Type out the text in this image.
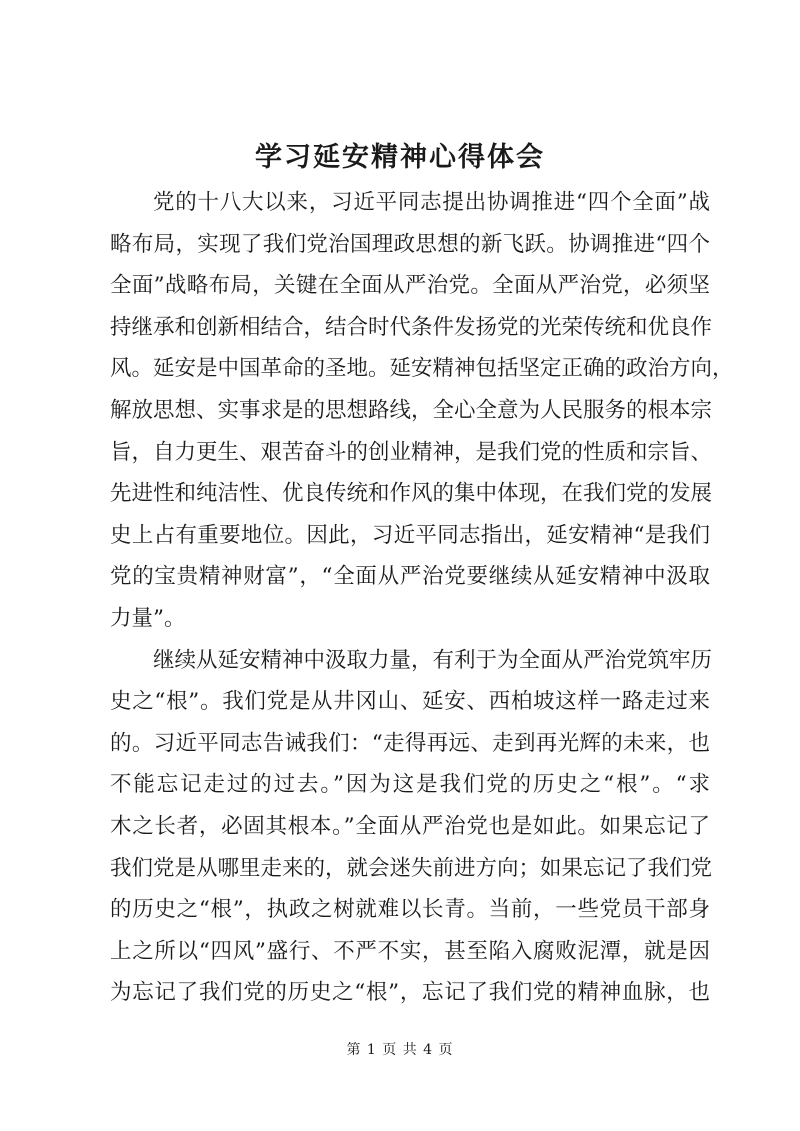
学习延安精神心得体会
党的十八大以来，习近平同志提出协调推进“四个全面”战
略布局，实现了我们党治国理政思想的新飞跃。协调推进“四个
全面”战略布局，关键在全面从严治党。全面从严治党，必须坚
持继承和创新相结合，结合时代条件发扬党的光荣传统和优良作
风。延安是中国革命的圣地。延安精神包括坚定正确的政治方向，
解放思想、实事求是的思想路线，全心全意为人民服务的根本宗
旨，自力更生、艰苦奋斗的创业精神，是我们党的性质和宗旨、
先进性和纯洁性、优良传统和作风的集中体现，在我们党的发展
史上占有重要地位。因此，习近平同志指出，延安精神“是我们
党的宝贵精神财富”，“全面从严治党要继续从延安精神中汲取
力量”。
继续从延安精神中汲取力量，有利于为全面从严治党筑牢历
史之“根”。我们党是从井冈山、延安、西柏坡这样一路走过来
的。习近平同志告诫我们：“走得再远、走到再光辉的未来，也
不能忘记走过的过去。”因为这是我们党的历史之“根”。“求
木之长者，必固其根本。”全面从严治党也是如此。如果忘记了
我们党是从哪里走来的，就会迷失前进方向；如果忘记了我们党
的历史之“根”，执政之树就难以长青。当前，一些党员干部身
上之所以“四风”盛行、不严不实，甚至陷入腐败泥潭，就是因
为忘记了我们党的历史之“根”，忘记了我们党的精神血脉，也
第 1 页 共 4 页
